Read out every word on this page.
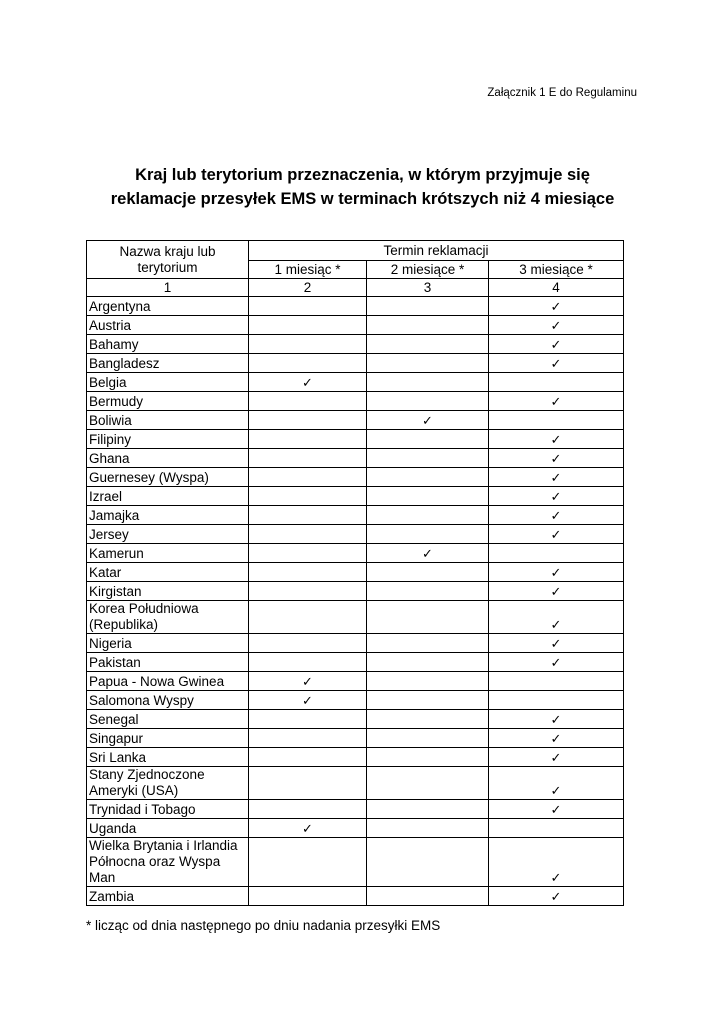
Załącznik 1 E do Regulaminu
Kraj lub terytorium przeznaczenia, w którym przyjmuje się
reklamacje przesyłek EMS w terminach krótszych niż 4 miesiące
Nazwa kraju lub
terytorium	Termin reklamacji		
	1 miesiąc *	2 miesiące *	3 miesiące *
1	2	3	4
Argentyna			✓
Austria			✓
Bahamy			✓
Bangladesz			✓
Belgia	✓		
Bermudy			✓
Boliwia		✓	
Filipiny			✓
Ghana			✓
Guernesey (Wyspa)			✓
Izrael			✓
Jamajka			✓
Jersey			✓
Kamerun		✓	
Katar			✓
Kirgistan			✓
Korea Południowa
(Republika)			✓
Nigeria			✓
Pakistan			✓
Papua - Nowa Gwinea	✓		
Salomona Wyspy	✓		
Senegal			✓
Singapur			✓
Sri Lanka			✓
Stany Zjednoczone
Ameryki (USA)			✓
Trynidad i Tobago			✓
Uganda	✓		
Wielka Brytania i Irlandia
Północna oraz Wyspa
Man			✓
Zambia			✓
* licząc od dnia następnego po dniu nadania przesyłki EMS
